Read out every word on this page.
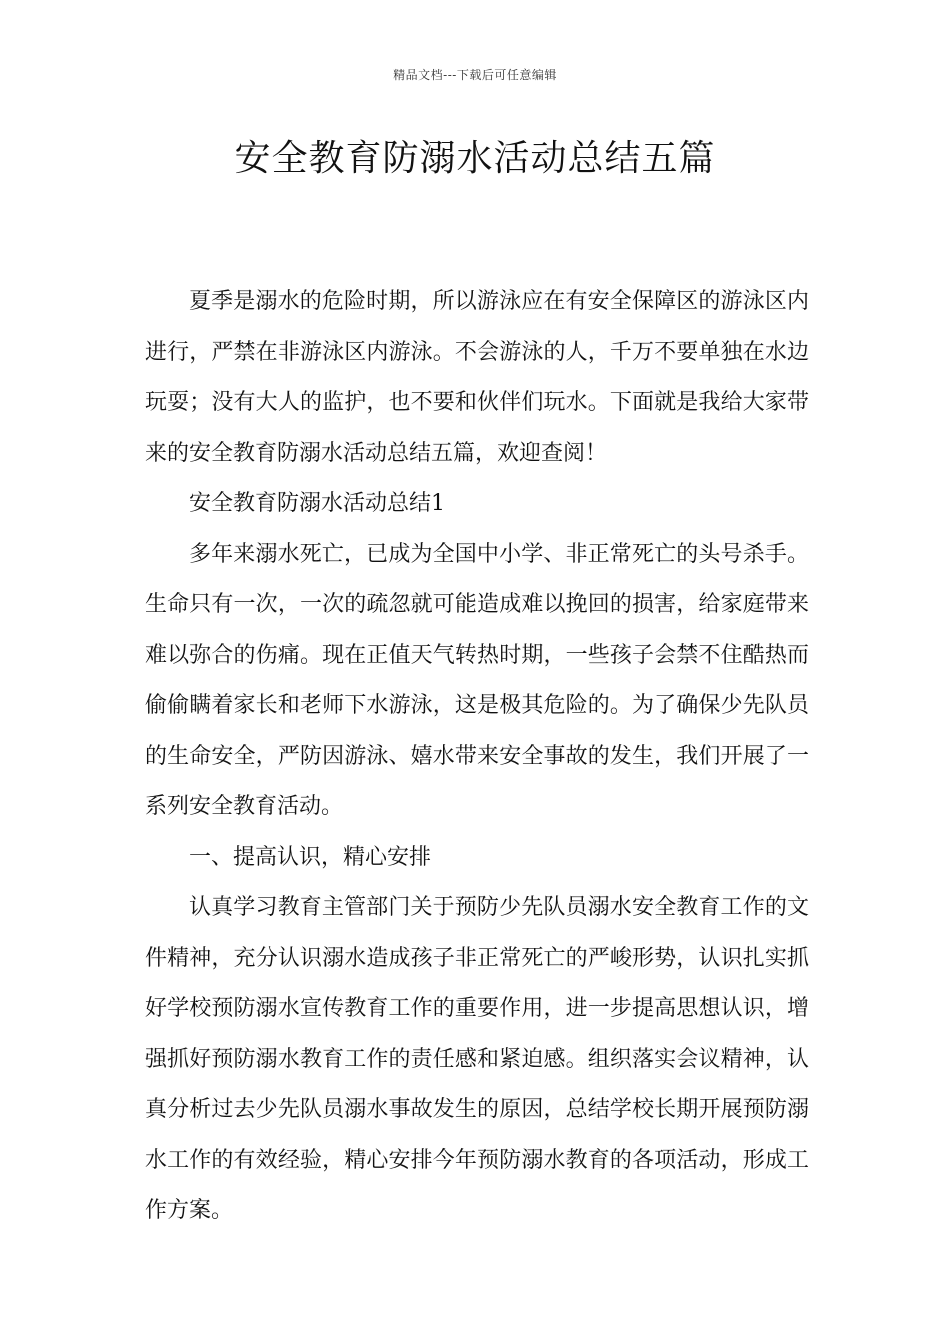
精品文档---下载后可任意编辑
安全教育防溺水活动总结五篇

夏季是溺水的危险时期，所以游泳应在有安全保障区的游泳区内进行，严禁在非游泳区内游泳。不会游泳的人，千万不要单独在水边玩耍；没有大人的监护，也不要和伙伴们玩水。下面就是我给大家带来的安全教育防溺水活动总结五篇，欢迎查阅！

安全教育防溺水活动总结1

多年来溺水死亡，已成为全国中小学、非正常死亡的头号杀手。生命只有一次，一次的疏忽就可能造成难以挽回的损害，给家庭带来难以弥合的伤痛。现在正值天气转热时期，一些孩子会禁不住酷热而偷偷瞒着家长和老师下水游泳，这是极其危险的。为了确保少先队员的生命安全，严防因游泳、嬉水带来安全事故的发生，我们开展了一系列安全教育活动。

一、提高认识，精心安排

认真学习教育主管部门关于预防少先队员溺水安全教育工作的文件精神，充分认识溺水造成孩子非正常死亡的严峻形势，认识扎实抓好学校预防溺水宣传教育工作的重要作用，进一步提高思想认识，增强抓好预防溺水教育工作的责任感和紧迫感。组织落实会议精神，认真分析过去少先队员溺水事故发生的原因，总结学校长期开展预防溺水工作的有效经验，精心安排今年预防溺水教育的各项活动，形成工作方案。
